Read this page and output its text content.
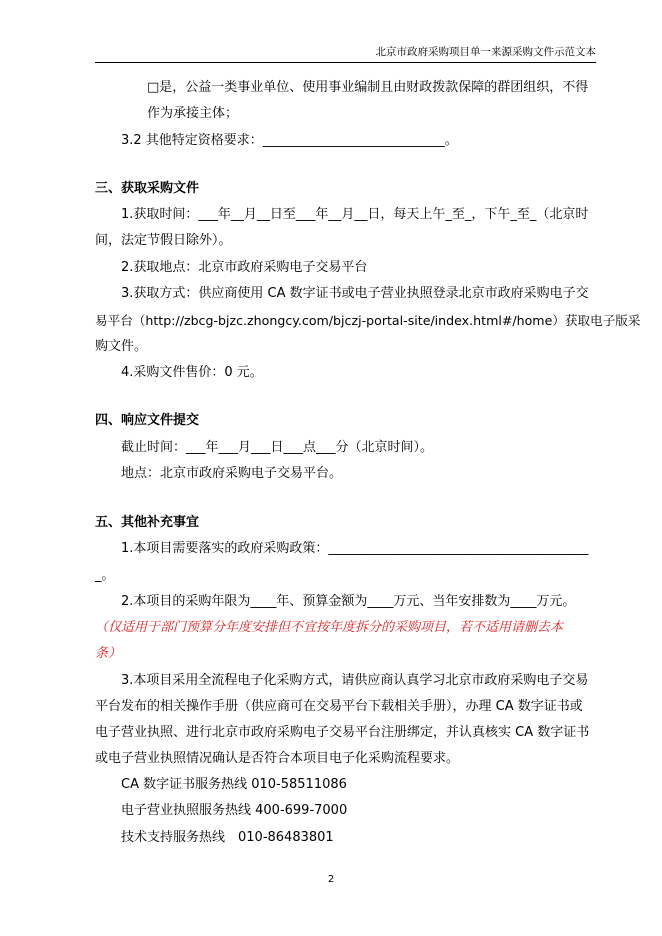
北京市政府采购项目单一来源采购文件示范文本
□是，公益一类事业单位、使用事业编制且由财政拨款保障的群团组织，不得
作为承接主体；
3.2 其他特定资格要求：____________________________。
三、获取采购文件
1.获取时间：___年__月__日至___年__月__日，每天上午_至_，下午_至_（北京时
间，法定节假日除外）。
2.获取地点：北京市政府采购电子交易平台
3.获取方式：供应商使用 CA 数字证书或电子营业执照登录北京市政府采购电子交
易平台（http://zbcg-bjzc.zhongcy.com/bjczj-portal-site/index.html#/home）获取电子版采
购文件。
4.采购文件售价：0 元。
四、响应文件提交
截止时间：___年___月___日___点___分（北京时间）。
地点：北京市政府采购电子交易平台。
五、其他补充事宜
1.本项目需要落实的政府采购政策：________________________________________
_。
2.本项目的采购年限为____年、预算金额为____万元、当年安排数为____万元。
（仅适用于部门预算分年度安排但不宜按年度拆分的采购项目，若不适用请删去本
条）
3.本项目采用全流程电子化采购方式，请供应商认真学习北京市政府采购电子交易
平台发布的相关操作手册（供应商可在交易平台下载相关手册），办理 CA 数字证书或
电子营业执照、进行北京市政府采购电子交易平台注册绑定，并认真核实 CA 数字证书
或电子营业执照情况确认是否符合本项目电子化采购流程要求。
CA 数字证书服务热线 010-58511086
电子营业执照服务热线 400-699-7000
技术支持服务热线　010-86483801
2
